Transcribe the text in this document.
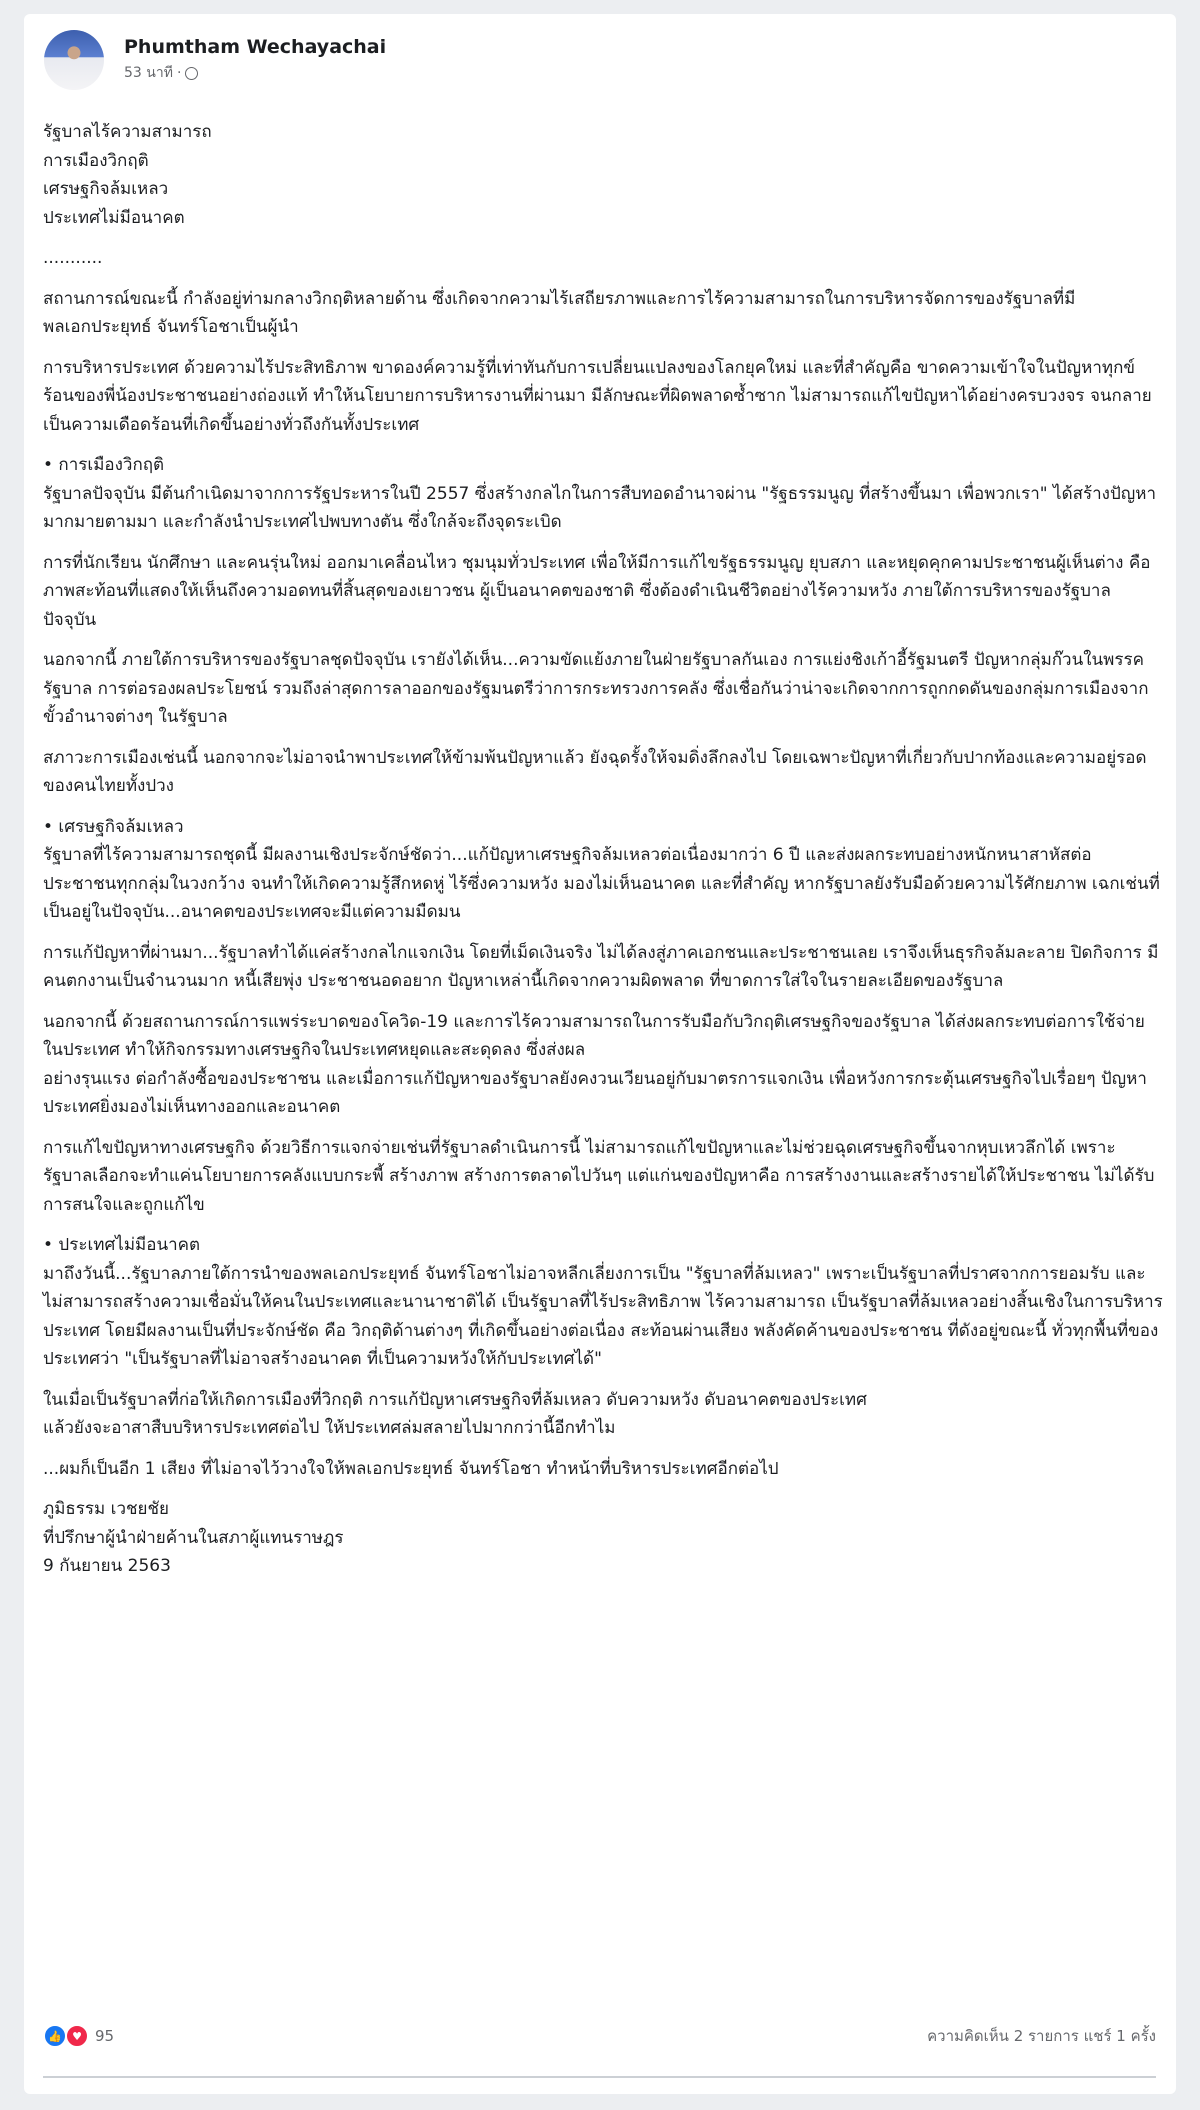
Phumtham Wechayachai
53 นาที ·

รัฐบาลไร้ความสามารถ
การเมืองวิกฤติ
เศรษฐกิจล้มเหลว
ประเทศไม่มีอนาคต

...........

สถานการณ์ขณะนี้ กำลังอยู่ท่ามกลางวิกฤติหลายด้าน ซึ่งเกิดจากความไร้เสถียรภาพและการไร้ความสามารถในการบริหารจัดการของรัฐบาลที่มี
พลเอกประยุทธ์ จันทร์โอชาเป็นผู้นำ

การบริหารประเทศ ด้วยความไร้ประสิทธิภาพ ขาดองค์ความรู้ที่เท่าทันกับการเปลี่ยนแปลงของโลกยุคใหม่ และที่สำคัญคือ ขาดความเข้าใจในปัญหาทุกข์ร้อนของพี่น้องประชาชนอย่างถ่องแท้ ทำให้นโยบายการบริหารงานที่ผ่านมา มีลักษณะที่ผิดพลาดซ้ำซาก ไม่สามารถแก้ไขปัญหาได้อย่างครบวงจร จนกลายเป็นความเดือดร้อนที่เกิดขึ้นอย่างทั่วถึงกันทั้งประเทศ

• การเมืองวิกฤติ
รัฐบาลปัจจุบัน มีต้นกำเนิดมาจากการรัฐประหารในปี 2557 ซึ่งสร้างกลไกในการสืบทอดอำนาจผ่าน "รัฐธรรมนูญ ที่สร้างขึ้นมา เพื่อพวกเรา" ได้สร้างปัญหามากมายตามมา และกำลังนำประเทศไปพบทางตัน ซึ่งใกล้จะถึงจุดระเบิด

การที่นักเรียน นักศึกษา และคนรุ่นใหม่ ออกมาเคลื่อนไหว ชุมนุมทั่วประเทศ เพื่อให้มีการแก้ไขรัฐธรรมนูญ ยุบสภา และหยุดคุกคามประชาชนผู้เห็นต่าง คือภาพสะท้อนที่แสดงให้เห็นถึงความอดทนที่สิ้นสุดของเยาวชน ผู้เป็นอนาคตของชาติ ซึ่งต้องดำเนินชีวิตอย่างไร้ความหวัง ภายใต้การบริหารของรัฐบาลปัจจุบัน

นอกจากนี้ ภายใต้การบริหารของรัฐบาลชุดปัจจุบัน เรายังได้เห็น...ความขัดแย้งภายในฝ่ายรัฐบาลกันเอง การแย่งชิงเก้าอี้รัฐมนตรี ปัญหากลุ่มก๊วนในพรรครัฐบาล การต่อรองผลประโยชน์ รวมถึงล่าสุดการลาออกของรัฐมนตรีว่าการกระทรวงการคลัง ซึ่งเชื่อกันว่าน่าจะเกิดจากการถูกกดดันของกลุ่มการเมืองจากขั้วอำนาจต่างๆ ในรัฐบาล

สภาวะการเมืองเช่นนี้ นอกจากจะไม่อาจนำพาประเทศให้ข้ามพ้นปัญหาแล้ว ยังฉุดรั้งให้จมดิ่งลึกลงไป โดยเฉพาะปัญหาที่เกี่ยวกับปากท้องและความอยู่รอดของคนไทยทั้งปวง

• เศรษฐกิจล้มเหลว
รัฐบาลที่ไร้ความสามารถชุดนี้ มีผลงานเชิงประจักษ์ชัดว่า...แก้ปัญหาเศรษฐกิจล้มเหลวต่อเนื่องมากว่า 6 ปี และส่งผลกระทบอย่างหนักหนาสาหัสต่อประชาชนทุกกลุ่มในวงกว้าง จนทำให้เกิดความรู้สึกหดหู่ ไร้ซึ่งความหวัง มองไม่เห็นอนาคต และที่สำคัญ หากรัฐบาลยังรับมือด้วยความไร้ศักยภาพ เฉกเช่นที่เป็นอยู่ในปัจจุบัน...อนาคตของประเทศจะมีแต่ความมืดมน

การแก้ปัญหาที่ผ่านมา...รัฐบาลทำได้แค่สร้างกลไกแจกเงิน โดยที่เม็ดเงินจริง ไม่ได้ลงสู่ภาคเอกชนและประชาชนเลย เราจึงเห็นธุรกิจล้มละลาย ปิดกิจการ มีคนตกงานเป็นจำนวนมาก หนี้เสียพุ่ง ประชาชนอดอยาก ปัญหาเหล่านี้เกิดจากความผิดพลาด ที่ขาดการใส่ใจในรายละเอียดของรัฐบาล

นอกจากนี้ ด้วยสถานการณ์การแพร่ระบาดของโควิด-19 และการไร้ความสามารถในการรับมือกับวิกฤติเศรษฐกิจของรัฐบาล ได้ส่งผลกระทบต่อการใช้จ่ายในประเทศ ทำให้กิจกรรมทางเศรษฐกิจในประเทศหยุดและสะดุดลง ซึ่งส่งผล
อย่างรุนแรง ต่อกำลังซื้อของประชาชน และเมื่อการแก้ปัญหาของรัฐบาลยังคงวนเวียนอยู่กับมาตรการแจกเงิน เพื่อหวังการกระตุ้นเศรษฐกิจไปเรื่อยๆ ปัญหาประเทศยิ่งมองไม่เห็นทางออกและอนาคต

การแก้ไขปัญหาทางเศรษฐกิจ ด้วยวิธีการแจกจ่ายเช่นที่รัฐบาลดำเนินการนี้ ไม่สามารถแก้ไขปัญหาและไม่ช่วยฉุดเศรษฐกิจขึ้นจากหุบเหวลึกได้ เพราะรัฐบาลเลือกจะทำแค่นโยบายการคลังแบบกระพี้ สร้างภาพ สร้างการตลาดไปวันๆ แต่แก่นของปัญหาคือ การสร้างงานและสร้างรายได้ให้ประชาชน ไม่ได้รับการสนใจและถูกแก้ไข

• ประเทศไม่มีอนาคต
มาถึงวันนี้...รัฐบาลภายใต้การนำของพลเอกประยุทธ์ จันทร์โอชาไม่อาจหลีกเลี่ยงการเป็น "รัฐบาลที่ล้มเหลว" เพราะเป็นรัฐบาลที่ปราศจากการยอมรับ และไม่สามารถสร้างความเชื่อมั่นให้คนในประเทศและนานาชาติได้ เป็นรัฐบาลที่ไร้ประสิทธิภาพ ไร้ความสามารถ เป็นรัฐบาลที่ล้มเหลวอย่างสิ้นเชิงในการบริหารประเทศ โดยมีผลงานเป็นที่ประจักษ์ชัด คือ วิกฤติด้านต่างๆ ที่เกิดขึ้นอย่างต่อเนื่อง สะท้อนผ่านเสียง พลังคัดค้านของประชาชน ที่ดังอยู่ขณะนี้ ทั่วทุกพื้นที่ของประเทศว่า "เป็นรัฐบาลที่ไม่อาจสร้างอนาคต ที่เป็นความหวังให้กับประเทศได้"

ในเมื่อเป็นรัฐบาลที่ก่อให้เกิดการเมืองที่วิกฤติ การแก้ปัญหาเศรษฐกิจที่ล้มเหลว ดับความหวัง ดับอนาคตของประเทศ
แล้วยังจะอาสาสืบบริหารประเทศต่อไป ให้ประเทศล่มสลายไปมากกว่านี้อีกทำไม

...ผมก็เป็นอีก 1 เสียง ที่ไม่อาจไว้วางใจให้พลเอกประยุทธ์ จันทร์โอชา ทำหน้าที่บริหารประเทศอีกต่อไป

ภูมิธรรม เวชยชัย
ที่ปรึกษาผู้นำฝ่ายค้านในสภาผู้แทนราษฎร
9 กันยายน 2563

👍 ♥ 95	ความคิดเห็น 2 รายการ แชร์ 1 ครั้ง
